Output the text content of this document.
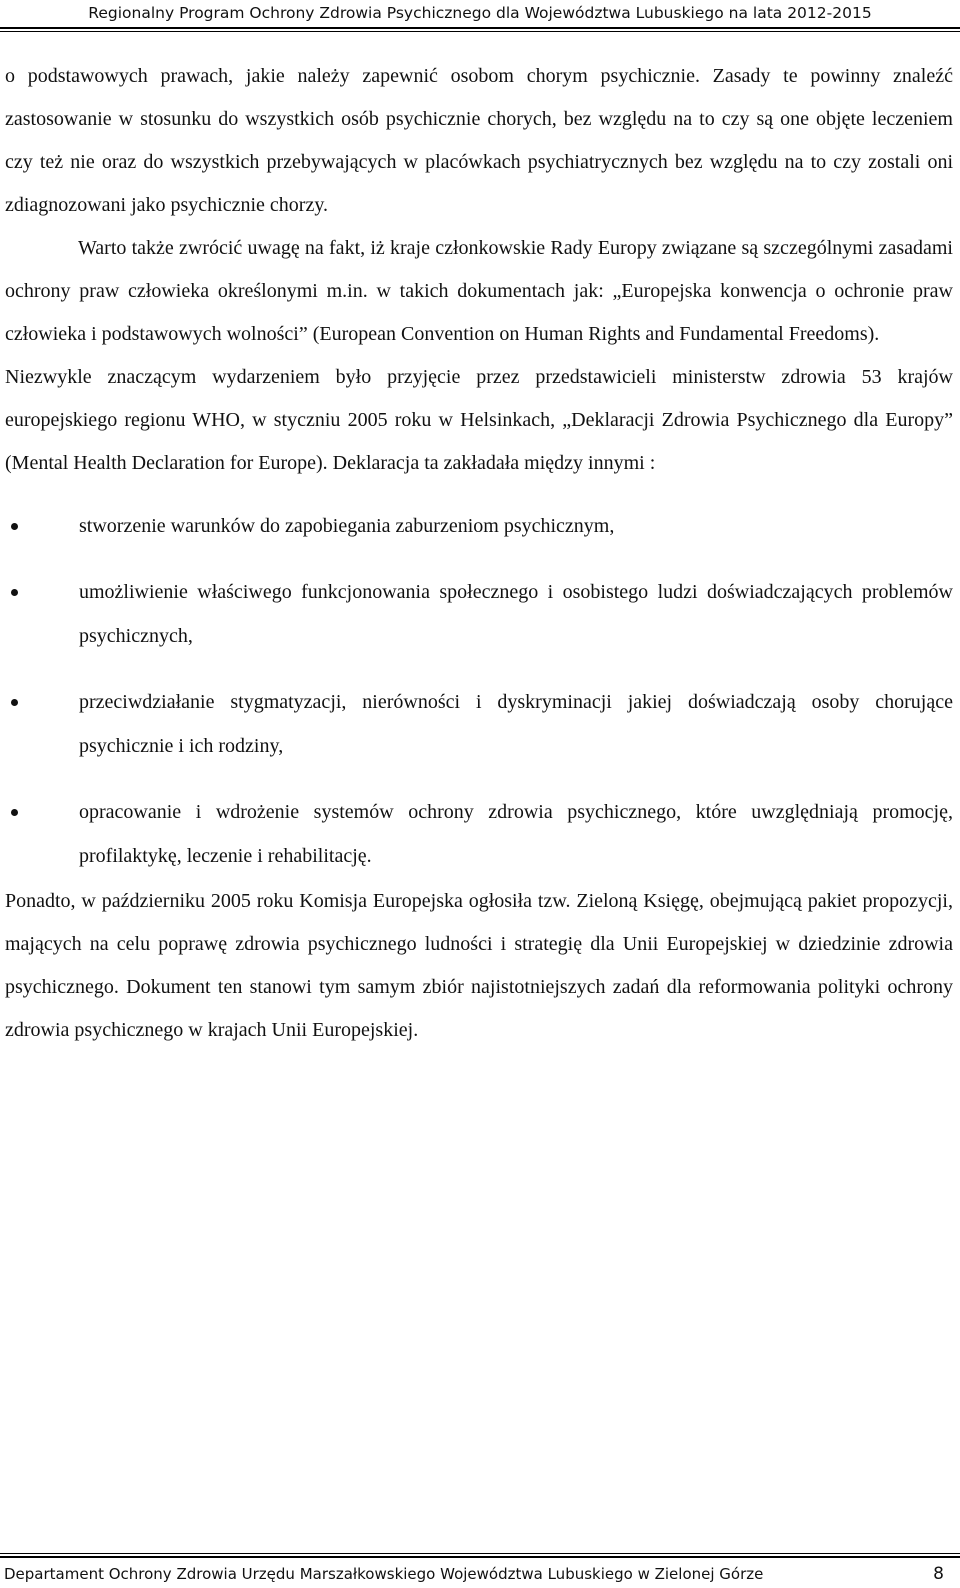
Regionalny Program Ochrony Zdrowia Psychicznego dla Województwa Lubuskiego na lata 2012-2015

o podstawowych prawach, jakie należy zapewnić osobom chorym psychicznie. Zasady te powinny znaleźć zastosowanie w stosunku do wszystkich osób psychicznie chorych, bez względu na to czy są one objęte leczeniem czy też nie oraz do wszystkich przebywających w placówkach psychiatrycznych bez względu na to czy zostali oni zdiagnozowani jako psychicznie chorzy.

Warto także zwrócić uwagę na fakt, iż kraje członkowskie Rady Europy związane są szczególnymi zasadami ochrony praw człowieka określonymi m.in. w takich dokumentach jak: „Europejska konwencja o ochronie praw człowieka i podstawowych wolności” (European Convention on Human Rights and Fundamental Freedoms).

Niezwykle znaczącym wydarzeniem było przyjęcie przez przedstawicieli ministerstw zdrowia 53 krajów europejskiego regionu WHO, w styczniu 2005 roku w Helsinkach, „Deklaracji Zdrowia Psychicznego dla Europy” (Mental Health Declaration for Europe). Deklaracja ta zakładała między innymi :

stworzenie warunków do zapobiegania zaburzeniom psychicznym,
umożliwienie właściwego funkcjonowania społecznego i osobistego ludzi doświadczających problemów psychicznych,
przeciwdziałanie stygmatyzacji, nierówności i dyskryminacji jakiej doświadczają osoby chorujące psychicznie i ich rodziny,
opracowanie i wdrożenie systemów ochrony zdrowia psychicznego, które uwzględniają promocję, profilaktykę, leczenie i rehabilitację.

Ponadto, w październiku 2005 roku Komisja Europejska ogłosiła tzw. Zieloną Księgę, obejmującą pakiet propozycji, mających na celu poprawę zdrowia psychicznego ludności i strategię dla Unii Europejskiej w dziedzinie zdrowia psychicznego. Dokument ten stanowi tym samym zbiór najistotniejszych zadań dla reformowania polityki ochrony zdrowia psychicznego w krajach Unii Europejskiej.

Departament Ochrony Zdrowia Urzędu Marszałkowskiego Województwa Lubuskiego w Zielonej Górze	8
